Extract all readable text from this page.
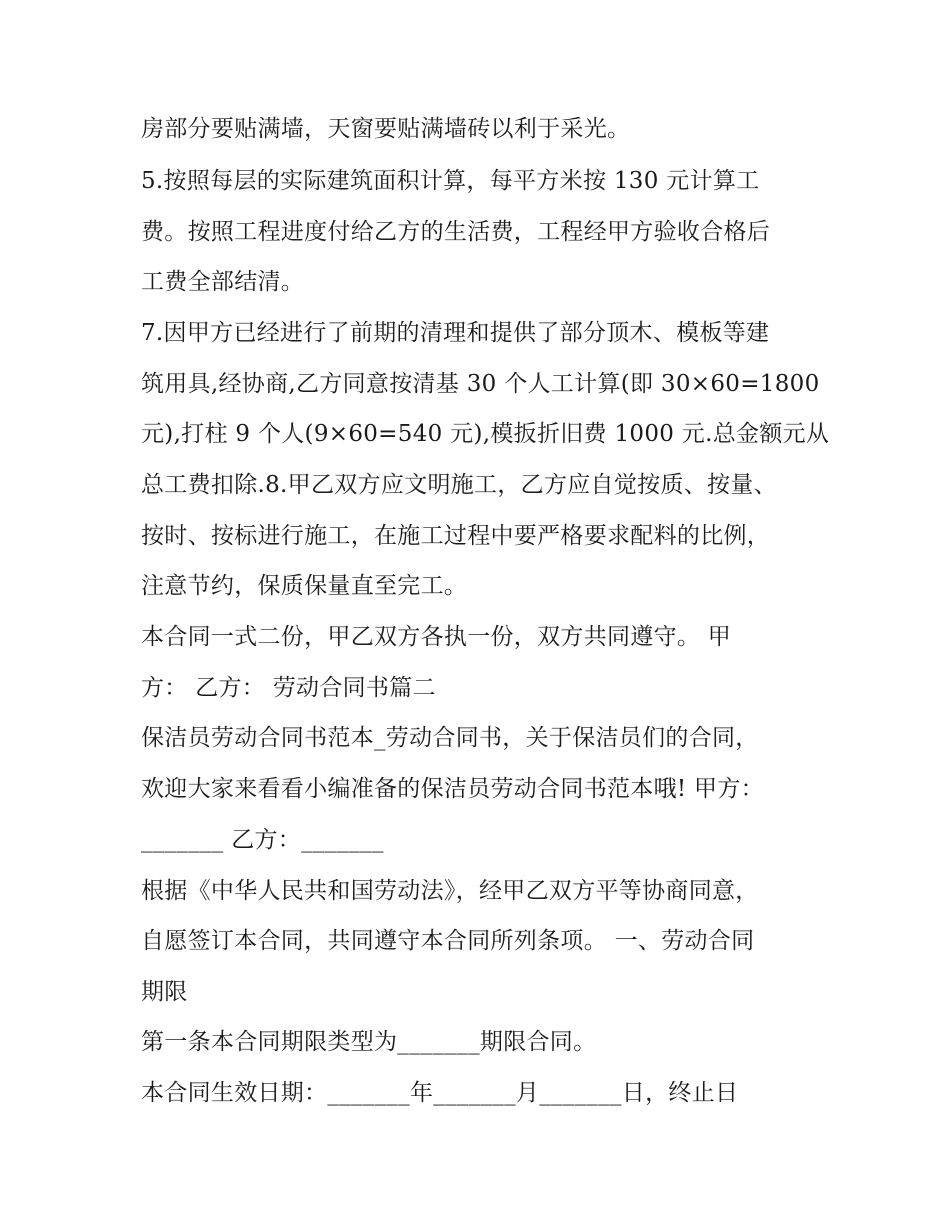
房部分要贴满墙，天窗要贴满墙砖以利于采光。
5.按照每层的实际建筑面积计算，每平方米按 130 元计算工
费。按照工程进度付给乙方的生活费，工程经甲方验收合格后
工费全部结清。
7.因甲方已经进行了前期的清理和提供了部分顶木、模板等建
筑用具,经协商,乙方同意按清基 30 个人工计算(即 30×60=1800
元),打柱 9 个人(9×60=540 元),模扳折旧费 1000 元.总金额元从
总工费扣除.8.甲乙双方应文明施工，乙方应自觉按质、按量、
按时、按标进行施工，在施工过程中要严格要求配料的比例，
注意节约，保质保量直至完工。
本合同一式二份，甲乙双方各执一份，双方共同遵守。 甲
方： 乙方： 劳动合同书篇二
保洁员劳动合同书范本_劳动合同书，关于保洁员们的合同，
欢迎大家来看看小编准备的保洁员劳动合同书范本哦! 甲方：
_______ 乙方：_______
根据《中华人民共和国劳动法》，经甲乙双方平等协商同意，
自愿签订本合同，共同遵守本合同所列条项。 一、劳动合同
期限
第一条本合同期限类型为_______期限合同。
本合同生效日期：_______年_______月_______日，终止日
